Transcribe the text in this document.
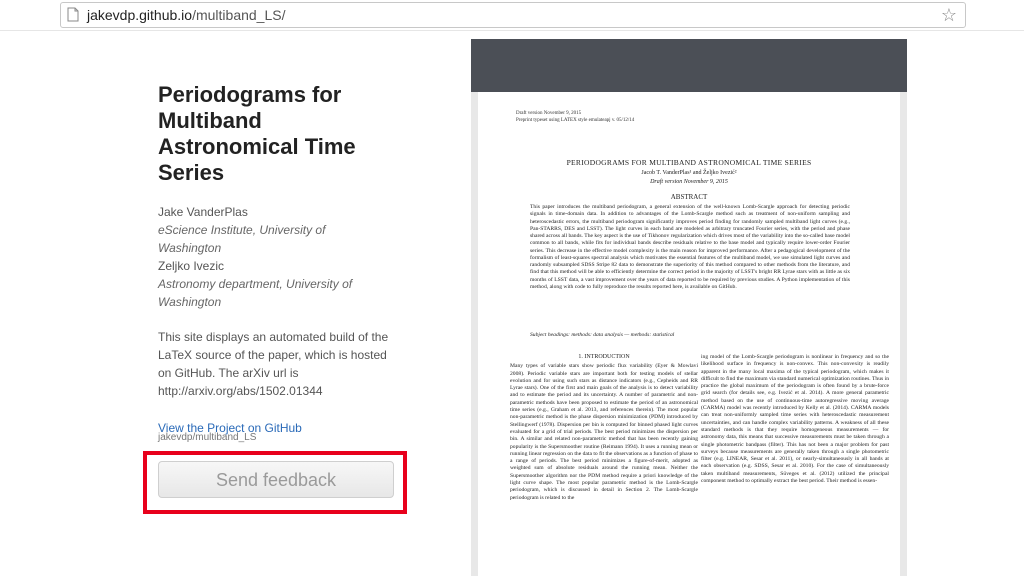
jakevdp.github.io/multiband_LS/	☆
Periodograms for Multiband Astronomical Time Series
Jake VanderPlas
eScience Institute, University of Washington
Zeljko Ivezic
Astronomy department, University of Washington
This site displays an automated build of the LaTeX source of the paper, which is hosted on GitHub. The arXiv url is
http://arxiv.org/abs/1502.01344
View the Project on GitHub
jakevdp/multiband_LS
Send feedback
Draft version November 9, 2015
Preprint typeset using LATEX style emulateapj v. 05/12/14
PERIODOGRAMS FOR MULTIBAND ASTRONOMICAL TIME SERIES
Jacob T. VanderPlas¹ and Željko Ivezić²
Draft version November 9, 2015
ABSTRACT
This paper introduces the multiband periodogram, a general extension of the well-known Lomb-Scargle approach for detecting periodic signals in time-domain data. In addition to advantages of the Lomb-Scargle method such as treatment of non-uniform sampling and heteroscedastic errors, the multiband periodogram significantly improves period finding for randomly sampled multiband light curves (e.g., Pan-STARRS, DES and LSST). The light curves in each band are modeled as arbitrary truncated Fourier series, with the period and phase shared across all bands. The key aspect is the use of Tikhonov regularization which drives most of the variability into the so-called base model common to all bands, while fits for individual bands describe residuals relative to the base model and typically require lower-order Fourier series. This decrease in the effective model complexity is the main reason for improved performance. After a pedagogical development of the formalism of least-squares spectral analysis which motivates the essential features of the multiband model, we use simulated light curves and randomly subsampled SDSS Stripe 82 data to demonstrate the superiority of this method compared to other methods from the literature, and find that this method will be able to efficiently determine the correct period in the majority of LSST's bright RR Lyrae stars with as little as six months of LSST data, a vast improvement over the years of data reported to be required by previous studies. A Python implementation of this method, along with code to fully reproduce the results reported here, is available on GitHub.
Subject headings: methods: data analysis — methods: statistical
1. INTRODUCTION
Many types of variable stars show periodic flux variability (Eyer & Mowlavi 2008). Periodic variable stars are important both for testing models of stellar evolution and for using such stars as distance indicators (e.g., Cepheids and RR Lyrae stars). One of the first and main goals of the analysis is to detect variability and to estimate the period and its uncertainty. A number of parametric and non-parametric methods have been proposed to estimate the period of an astronomical time series (e.g., Graham et al. 2013, and references therein). The most popular non-parametric method is the phase dispersion minimization (PDM) introduced by Stellingwerf (1978). Dispersion per bin is computed for binned phased light curves evaluated for a grid of trial periods. The best period minimizes the dispersion per bin. A similar and related non-parametric method that has been recently gaining popularity is the Supersmoother routine (Reimann 1994). It uses a running mean or running linear regression on the data to fit the observations as a function of phase to a range of periods. The best period minimizes a figure-of-merit, adopted as weighted sum of absolute residuals around the running mean. Neither the Supersmoother algorithm nor the PDM method require a priori knowledge of the light curve shape. The most popular parametric method is the Lomb-Scargle periodogram, which is discussed in detail in Section 2. The Lomb-Scargle periodogram is related to the
ing model of the Lomb-Scargle periodogram is nonlinear in frequency and so the likelihood surface in frequency is non-convex. This non-convexity is readily apparent in the many local maxima of the typical periodogram, which makes it difficult to find the maximum via standard numerical optimization routines. Thus in practice the global maximum of the periodogram is often found by a brute-force grid search (for details see, e.g. Ivezić et al. 2014). A more general parametric method based on the use of continuous-time autoregressive moving average (CARMA) model was recently introduced by Kelly et al. (2014). CARMA models can treat non-uniformly sampled time series with heteroscedastic measurement uncertainties, and can handle complex variability patterns. A weakness of all these standard methods is that they require homogeneous measurements — for astronomy data, this means that successive measurements must be taken through a single photometric bandpass (filter). This has not been a major problem for past surveys because measurements are generally taken through a single photometric filter (e.g. LINEAR, Sesar et al. 2011), or nearly-simultaneously in all bands at each observation (e.g. SDSS, Sesar et al. 2010). For the case of simultaneously taken multiband measurements, Süveges et al. (2012) utilized the principal component method to optimally extract the best period. Their method is essen-
